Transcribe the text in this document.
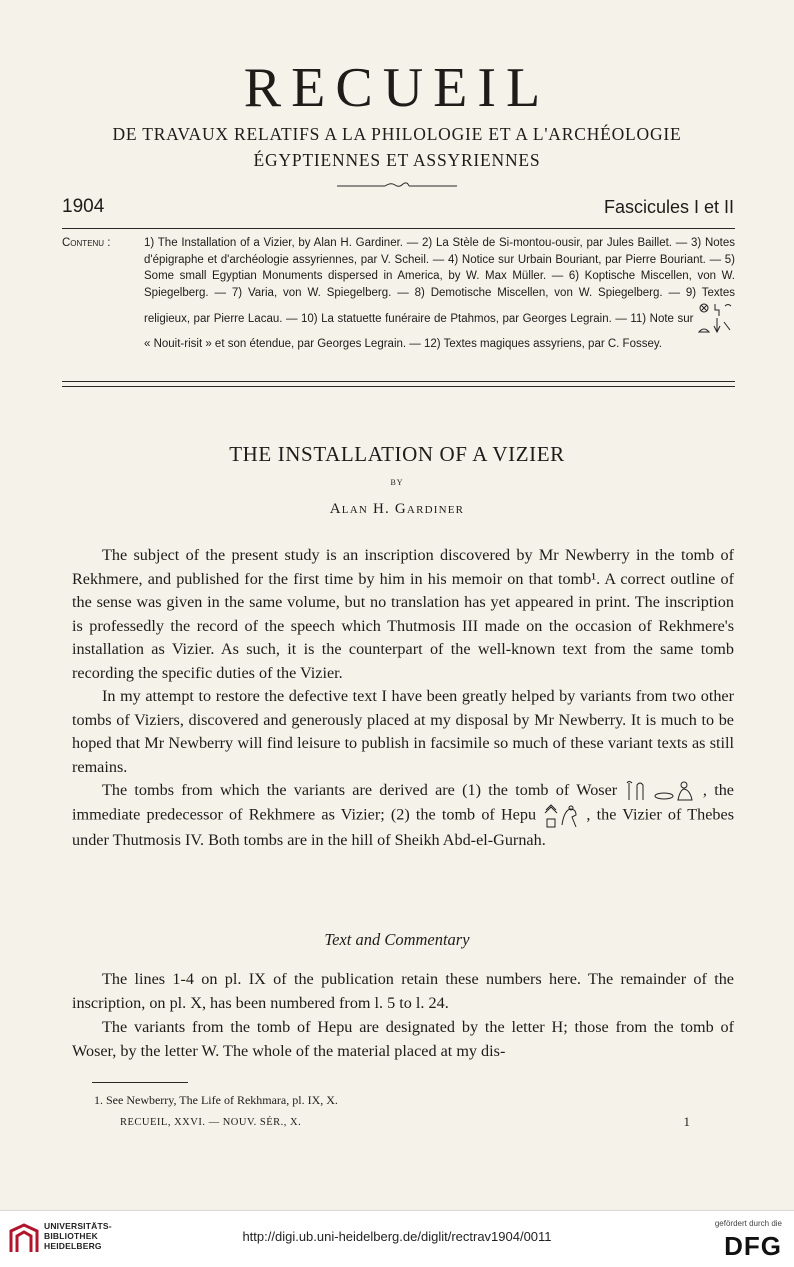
RECUEIL
DE TRAVAUX RELATIFS A LA PHILOLOGIE ET A L'ARCHÉOLOGIE
ÉGYPTIENNES ET ASSYRIENNES
1904	Fascicules I et II
Contenu :	1) The Installation of a Vizier, by Alan H. Gardiner. — 2) La Stèle de Si-montou-ousir, par Jules Baillet. — 3) Notes d'épigraphe et d'archéologie assyriennes, par V. Scheil. — 4) Notice sur Urbain Bouriant, par Pierre Bouriant. — 5) Some small Egyptian Monuments dispersed in America, by W. Max Müller. — 6) Koptische Miscellen, von W. Spiegelberg. — 7) Varia, von W. Spiegelberg. — 8) Demotische Miscellen, von W. Spiegelberg. — 9) Textes religieux, par Pierre Lacau. — 10) La statuette funéraire de Ptahmos, par Georges Legrain. — 11) Note sur  « Nouit-risit » et son étendue, par Georges Legrain. — 12) Textes magiques assyriens, par C. Fossey.
THE INSTALLATION OF A VIZIER
BY
Alan H. Gardiner

The subject of the present study is an inscription discovered by Mr Newberry in the tomb of Rekhmere, and published for the first time by him in his memoir on that tomb¹. A correct outline of the sense was given in the same volume, but no translation has yet appeared in print. The inscription is professedly the record of the speech which Thutmosis III made on the occasion of Rekhmere's installation as Vizier. As such, it is the counterpart of the well-known text from the same tomb recording the specific duties of the Vizier.

In my attempt to restore the defective text I have been greatly helped by variants from two other tombs of Viziers, discovered and generously placed at my disposal by Mr Newberry. It is much to be hoped that Mr Newberry will find leisure to publish in facsimile so much of these variant texts as still remains.

The tombs from which the variants are derived are (1) the tomb of Woser	, the immediate predecessor of Rekhmere as Vizier; (2) the tomb of Hepu	, the Vizier of Thebes under Thutmosis IV. Both tombs are in the hill of Sheikh Abd-el-Gurnah.

Text and Commentary

The lines 1-4 on pl. IX of the publication retain these numbers here. The remainder of the inscription, on pl. X, has been numbered from l. 5 to l. 24.

The variants from the tomb of Hepu are designated by the letter H; those from the tomb of Woser, by the letter W. The whole of the material placed at my dis-

1. See Newberry, The Life of Rekhmara, pl. IX, X.
RECUEIL, XXVI. — NOUV. SÉR., X.	1
UNIVERSITÄTS-
BIBLIOTHEK
HEIDELBERG
http://digi.ub.uni-heidelberg.de/diglit/rectrav1904/0011
gefördert durch die
DFG
